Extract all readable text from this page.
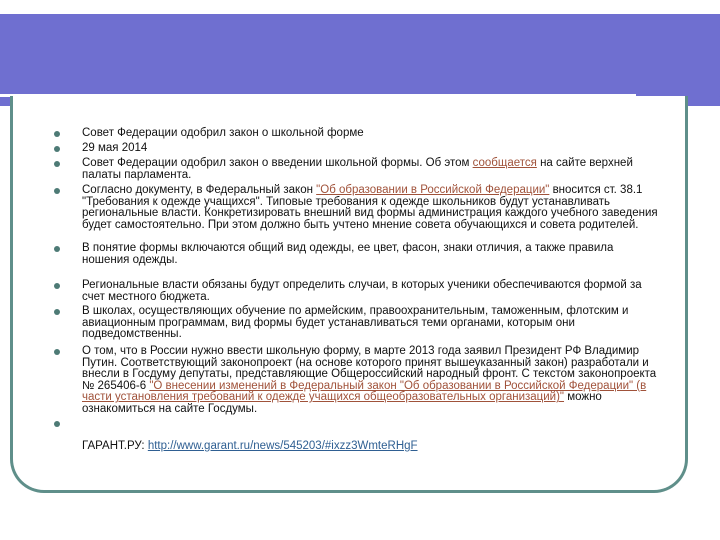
Совет Федерации одобрил закон о школьной форме
29 мая 2014
Совет Федерации одобрил закон о введении школьной формы. Об этом сообщается на сайте верхней палаты парламента.
Согласно документу, в Федеральный закон "Об образовании в Российской Федерации" вносится ст. 38.1 "Требования к одежде учащихся". Типовые требования к одежде школьников будут устанавливать региональные власти. Конкретизировать внешний вид формы администрация каждого учебного заведения будет самостоятельно. При этом должно быть учтено мнение совета обучающихся и совета родителей.
В понятие формы включаются общий вид одежды, ее цвет, фасон, знаки отличия, а также правила ношения одежды.
Региональные власти обязаны будут определить случаи, в которых ученики обеспечиваются формой за счет местного бюджета.
В школах, осуществляющих обучение по армейским, правоохранительным, таможенным, флотским и авиационным программам, вид формы будет устанавливаться теми органами, которым они подведомственны.
О том, что в России нужно ввести школьную форму, в марте 2013 года заявил Президент РФ Владимир Путин. Соответствующий законопроект (на основе которого принят вышеуказанный закон) разработали и внесли в Госдуму депутаты, представляющие Общероссийский народный фронт. С текстом законопроекта № 265406-6 "О внесении изменений в Федеральный закон "Об образовании в Российской Федерации" (в части установления требований к одежде учащихся общеобразовательных организаций)" можно ознакомиться на сайте Госдумы.
ГАРАНТ.РУ: http://www.garant.ru/news/545203/#ixzz3WmteRHgF
